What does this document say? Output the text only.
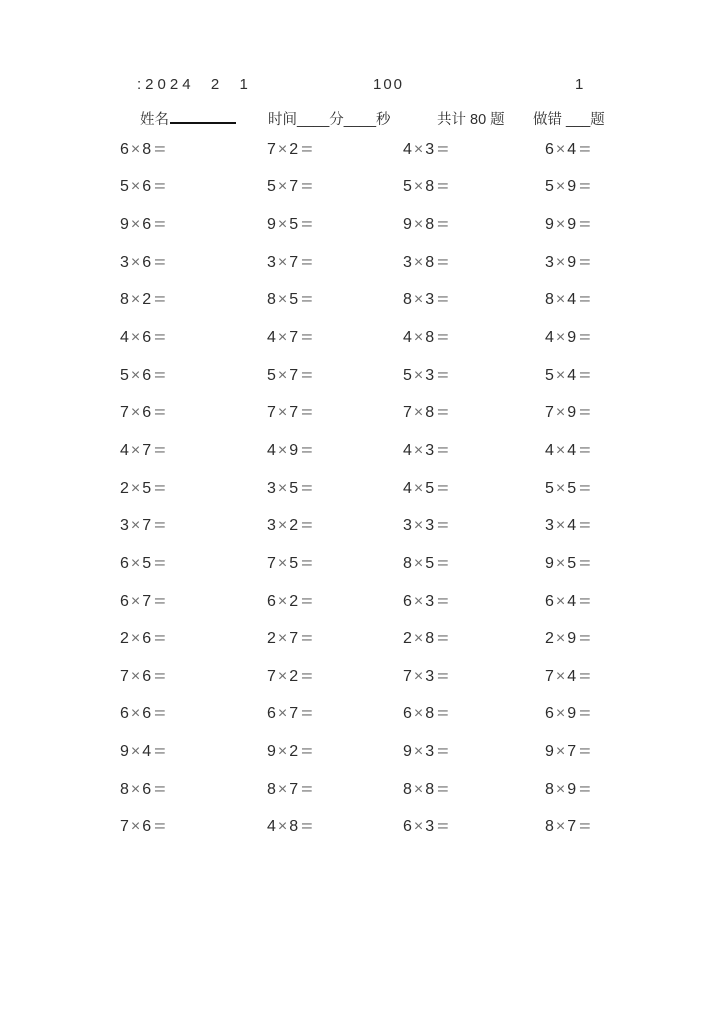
:2024  2  1	100	1
姓名	时间____分____秒	共计 80 题 做错 ___题
6×8=	7×2=	4×3=	6×4=
5×6=	5×7=	5×8=	5×9=
9×6=	9×5=	9×8=	9×9=
3×6=	3×7=	3×8=	3×9=
8×2=	8×5=	8×3=	8×4=
4×6=	4×7=	4×8=	4×9=
5×6=	5×7=	5×3=	5×4=
7×6=	7×7=	7×8=	7×9=
4×7=	4×9=	4×3=	4×4=
2×5=	3×5=	4×5=	5×5=
3×7=	3×2=	3×3=	3×4=
6×5=	7×5=	8×5=	9×5=
6×7=	6×2=	6×3=	6×4=
2×6=	2×7=	2×8=	2×9=
7×6=	7×2=	7×3=	7×4=
6×6=	6×7=	6×8=	6×9=
9×4=	9×2=	9×3=	9×7=
8×6=	8×7=	8×8=	8×9=
7×6=	4×8=	6×3=	8×7=
